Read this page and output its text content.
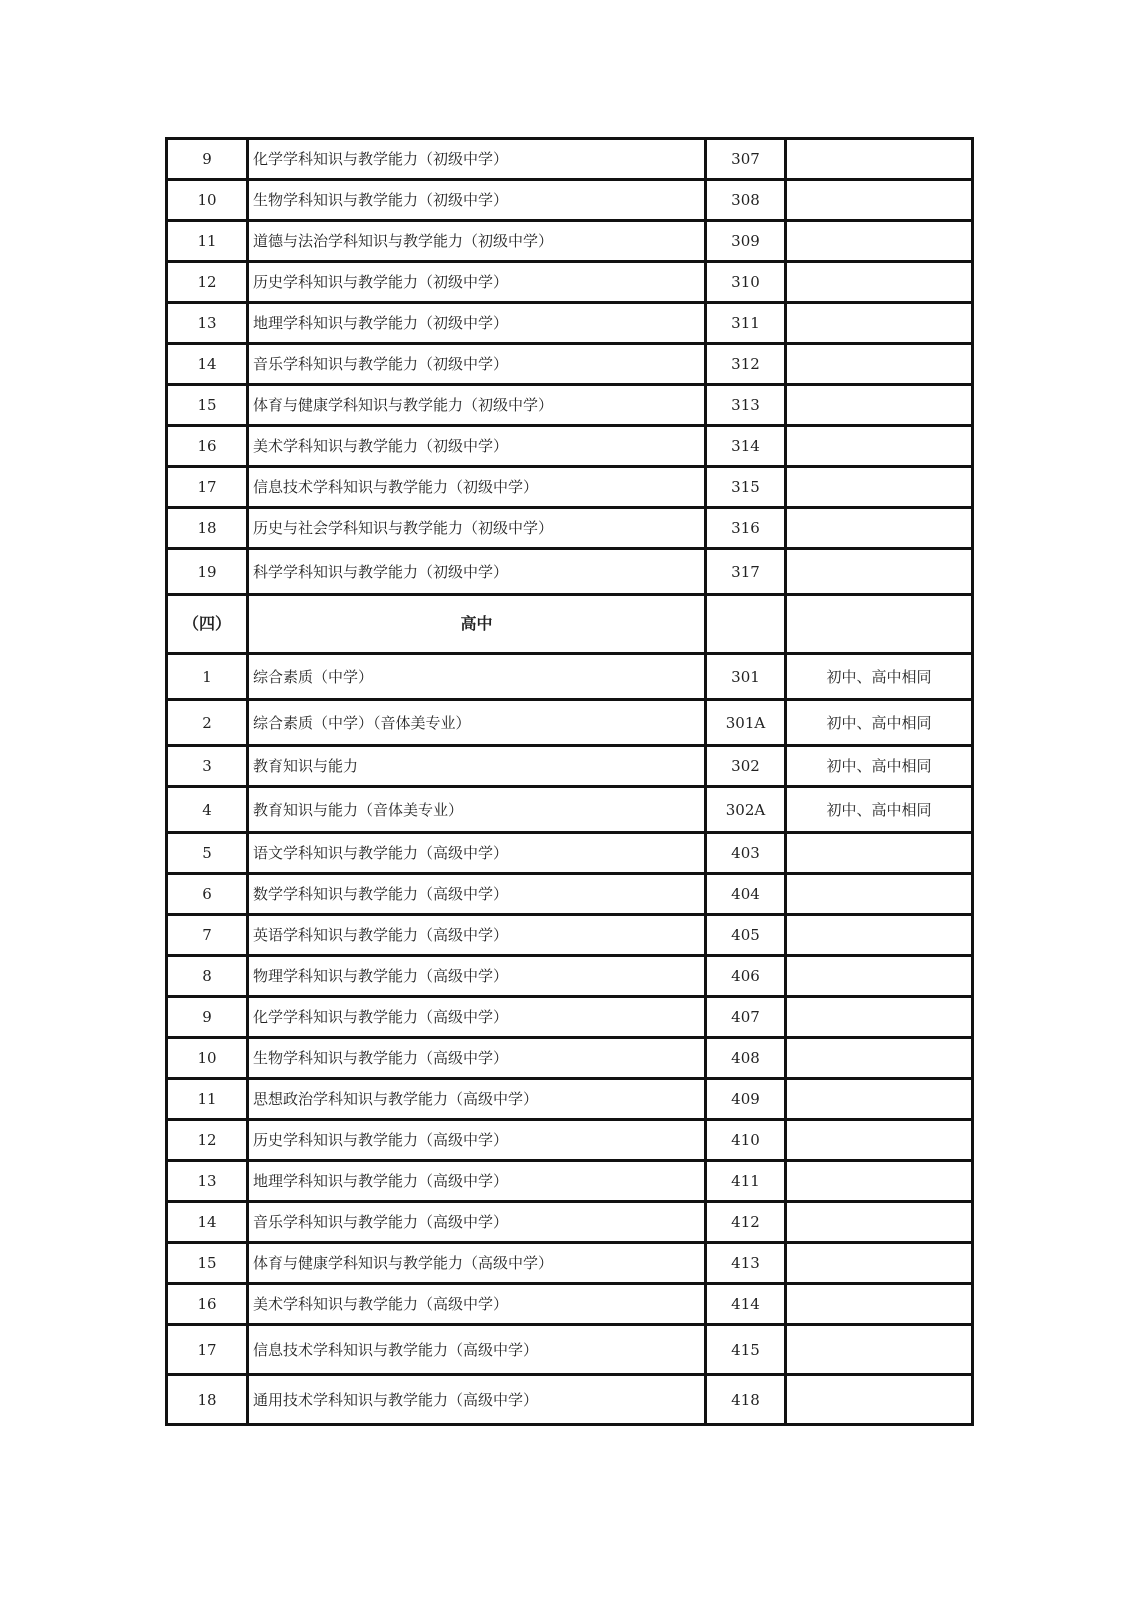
9	化学学科知识与教学能力（初级中学）	307	
10	生物学科知识与教学能力（初级中学）	308	
11	道德与法治学科知识与教学能力（初级中学）	309	
12	历史学科知识与教学能力（初级中学）	310	
13	地理学科知识与教学能力（初级中学）	311	
14	音乐学科知识与教学能力（初级中学）	312	
15	体育与健康学科知识与教学能力（初级中学）	313	
16	美术学科知识与教学能力（初级中学）	314	
17	信息技术学科知识与教学能力（初级中学）	315	
18	历史与社会学科知识与教学能力（初级中学）	316	
19	科学学科知识与教学能力（初级中学）	317	
（四）	高中		
1	综合素质（中学）	301	初中、高中相同
2	综合素质（中学）（音体美专业）	301A	初中、高中相同
3	教育知识与能力	302	初中、高中相同
4	教育知识与能力（音体美专业）	302A	初中、高中相同
5	语文学科知识与教学能力（高级中学）	403	
6	数学学科知识与教学能力（高级中学）	404	
7	英语学科知识与教学能力（高级中学）	405	
8	物理学科知识与教学能力（高级中学）	406	
9	化学学科知识与教学能力（高级中学）	407	
10	生物学科知识与教学能力（高级中学）	408	
11	思想政治学科知识与教学能力（高级中学）	409	
12	历史学科知识与教学能力（高级中学）	410	
13	地理学科知识与教学能力（高级中学）	411	
14	音乐学科知识与教学能力（高级中学）	412	
15	体育与健康学科知识与教学能力（高级中学）	413	
16	美术学科知识与教学能力（高级中学）	414	
17	信息技术学科知识与教学能力（高级中学）	415	
18	通用技术学科知识与教学能力（高级中学）	418	
